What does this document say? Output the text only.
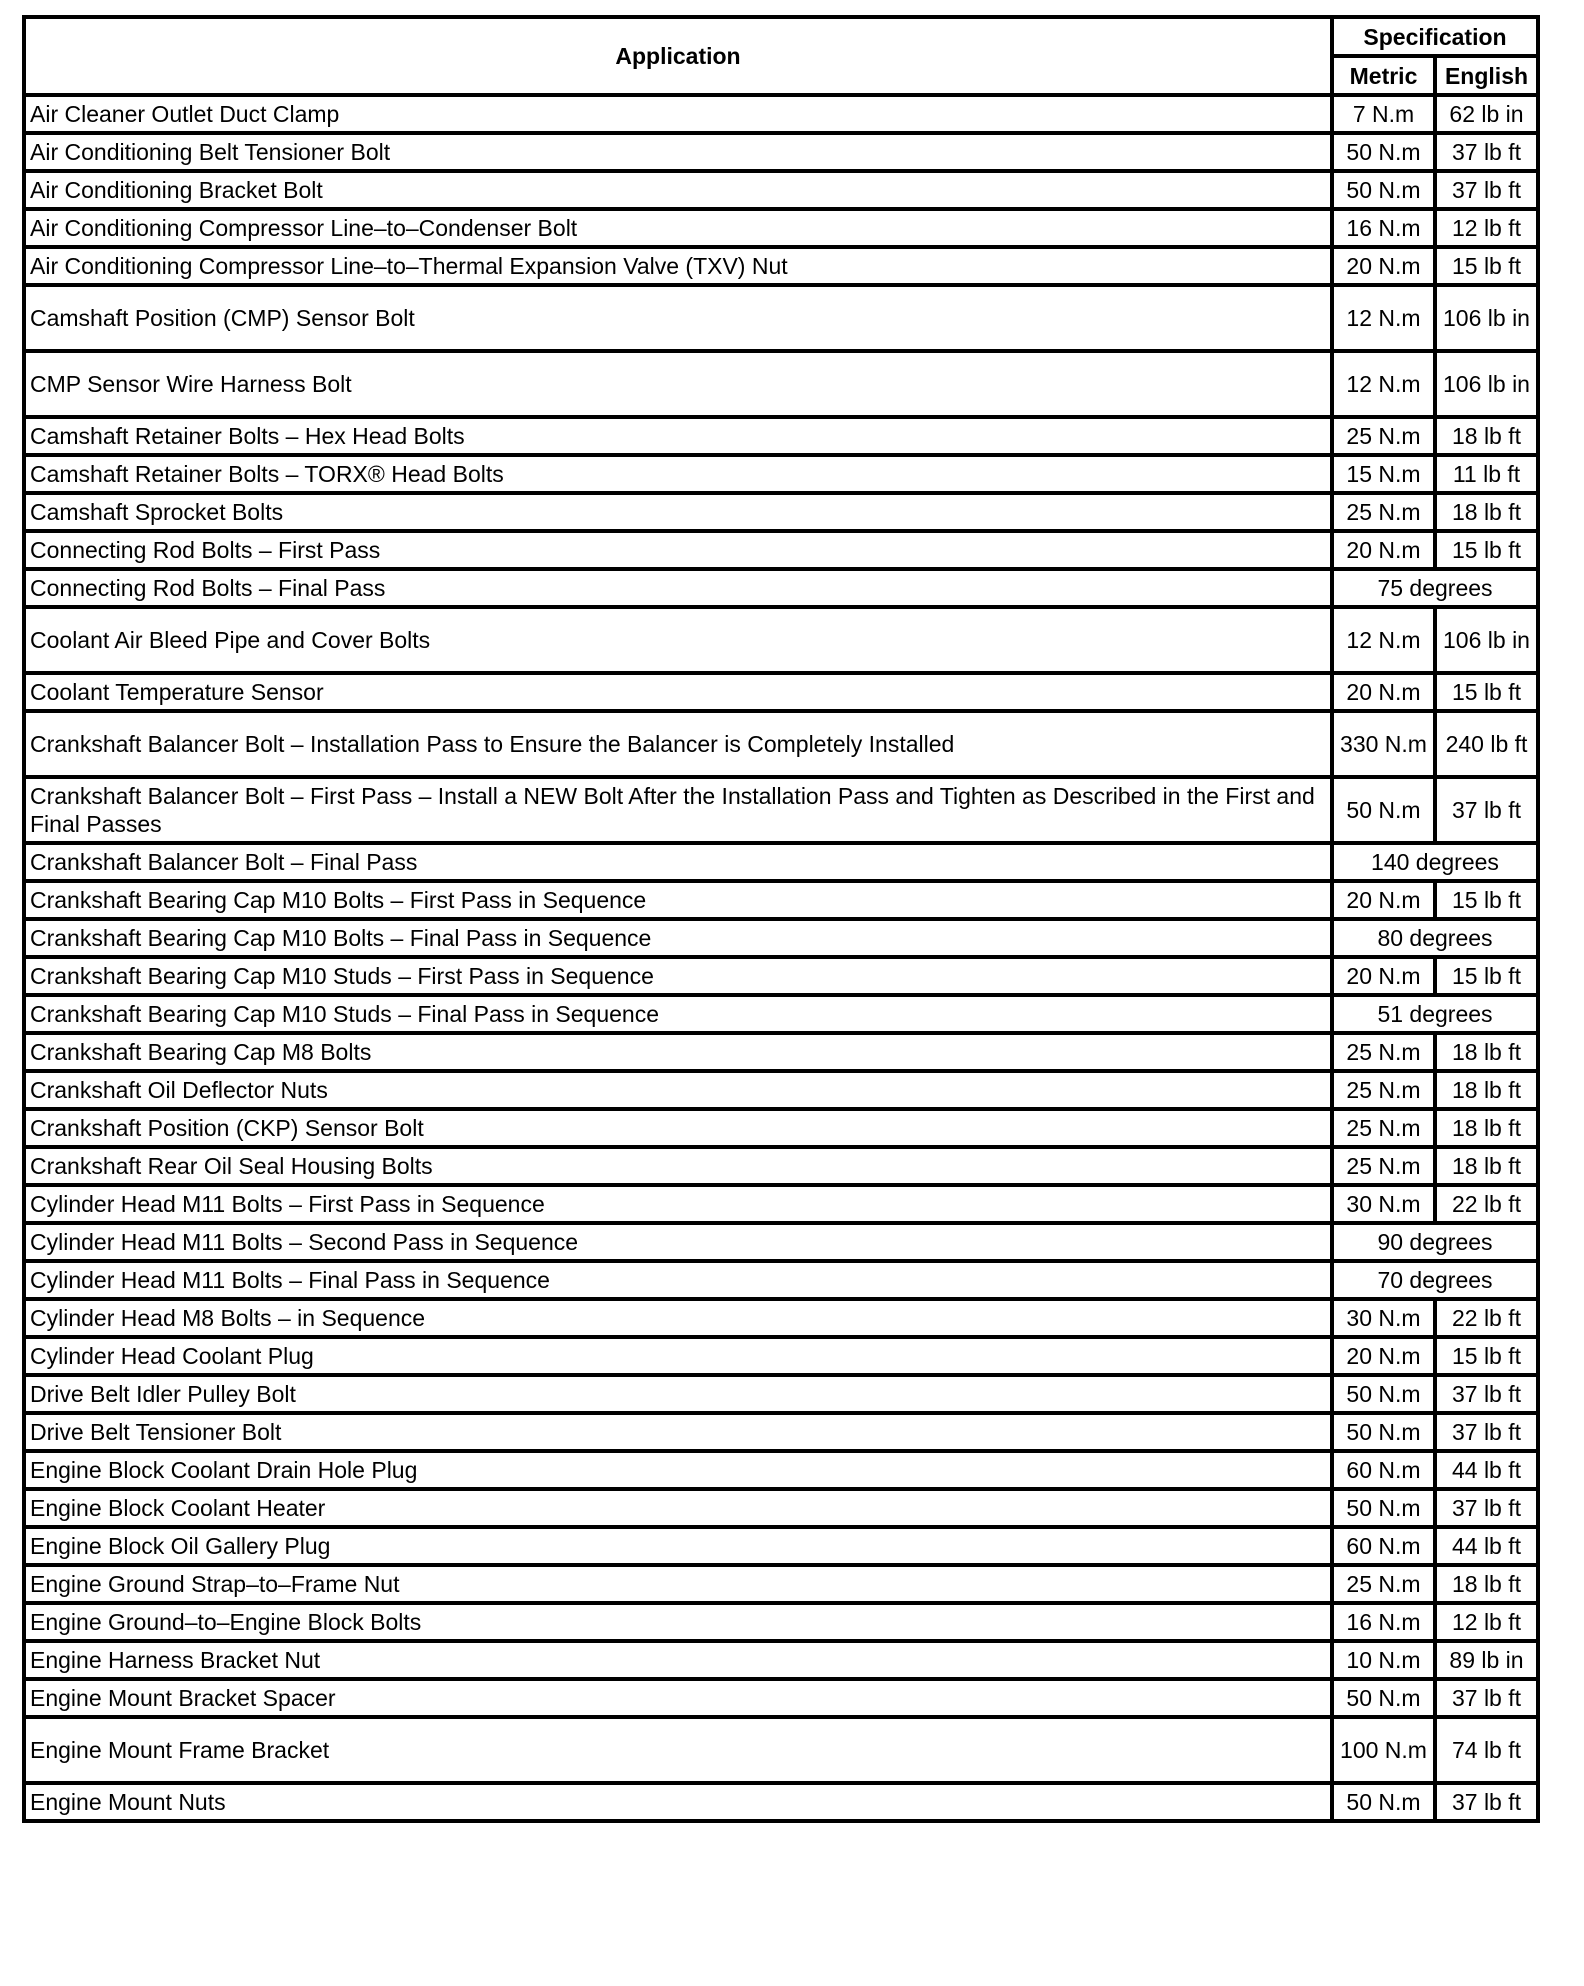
Application	Specification	
	Metric	English
Air Cleaner Outlet Duct Clamp	7 N.m	62 lb in
Air Conditioning Belt Tensioner Bolt	50 N.m	37 lb ft
Air Conditioning Bracket Bolt	50 N.m	37 lb ft
Air Conditioning Compressor Line–to–Condenser Bolt	16 N.m	12 lb ft
Air Conditioning Compressor Line–to–Thermal Expansion Valve (TXV) Nut	20 N.m	15 lb ft
Camshaft Position (CMP) Sensor Bolt	12 N.m	106 lb in
CMP Sensor Wire Harness Bolt	12 N.m	106 lb in
Camshaft Retainer Bolts – Hex Head Bolts	25 N.m	18 lb ft
Camshaft Retainer Bolts – TORX® Head Bolts	15 N.m	11 lb ft
Camshaft Sprocket Bolts	25 N.m	18 lb ft
Connecting Rod Bolts – First Pass	20 N.m	15 lb ft
Connecting Rod Bolts – Final Pass	75 degrees	
Coolant Air Bleed Pipe and Cover Bolts	12 N.m	106 lb in
Coolant Temperature Sensor	20 N.m	15 lb ft
Crankshaft Balancer Bolt – Installation Pass to Ensure the Balancer is Completely Installed	330 N.m	240 lb ft
Crankshaft Balancer Bolt – First Pass – Install a NEW Bolt After the Installation Pass and Tighten as Described in the First and Final Passes	50 N.m	37 lb ft
Crankshaft Balancer Bolt – Final Pass	140 degrees	
Crankshaft Bearing Cap M10 Bolts – First Pass in Sequence	20 N.m	15 lb ft
Crankshaft Bearing Cap M10 Bolts – Final Pass in Sequence	80 degrees	
Crankshaft Bearing Cap M10 Studs – First Pass in Sequence	20 N.m	15 lb ft
Crankshaft Bearing Cap M10 Studs – Final Pass in Sequence	51 degrees	
Crankshaft Bearing Cap M8 Bolts	25 N.m	18 lb ft
Crankshaft Oil Deflector Nuts	25 N.m	18 lb ft
Crankshaft Position (CKP) Sensor Bolt	25 N.m	18 lb ft
Crankshaft Rear Oil Seal Housing Bolts	25 N.m	18 lb ft
Cylinder Head M11 Bolts – First Pass in Sequence	30 N.m	22 lb ft
Cylinder Head M11 Bolts – Second Pass in Sequence	90 degrees	
Cylinder Head M11 Bolts – Final Pass in Sequence	70 degrees	
Cylinder Head M8 Bolts – in Sequence	30 N.m	22 lb ft
Cylinder Head Coolant Plug	20 N.m	15 lb ft
Drive Belt Idler Pulley Bolt	50 N.m	37 lb ft
Drive Belt Tensioner Bolt	50 N.m	37 lb ft
Engine Block Coolant Drain Hole Plug	60 N.m	44 lb ft
Engine Block Coolant Heater	50 N.m	37 lb ft
Engine Block Oil Gallery Plug	60 N.m	44 lb ft
Engine Ground Strap–to–Frame Nut	25 N.m	18 lb ft
Engine Ground–to–Engine Block Bolts	16 N.m	12 lb ft
Engine Harness Bracket Nut	10 N.m	89 lb in
Engine Mount Bracket Spacer	50 N.m	37 lb ft
Engine Mount Frame Bracket	100 N.m	74 lb ft
Engine Mount Nuts	50 N.m	37 lb ft
